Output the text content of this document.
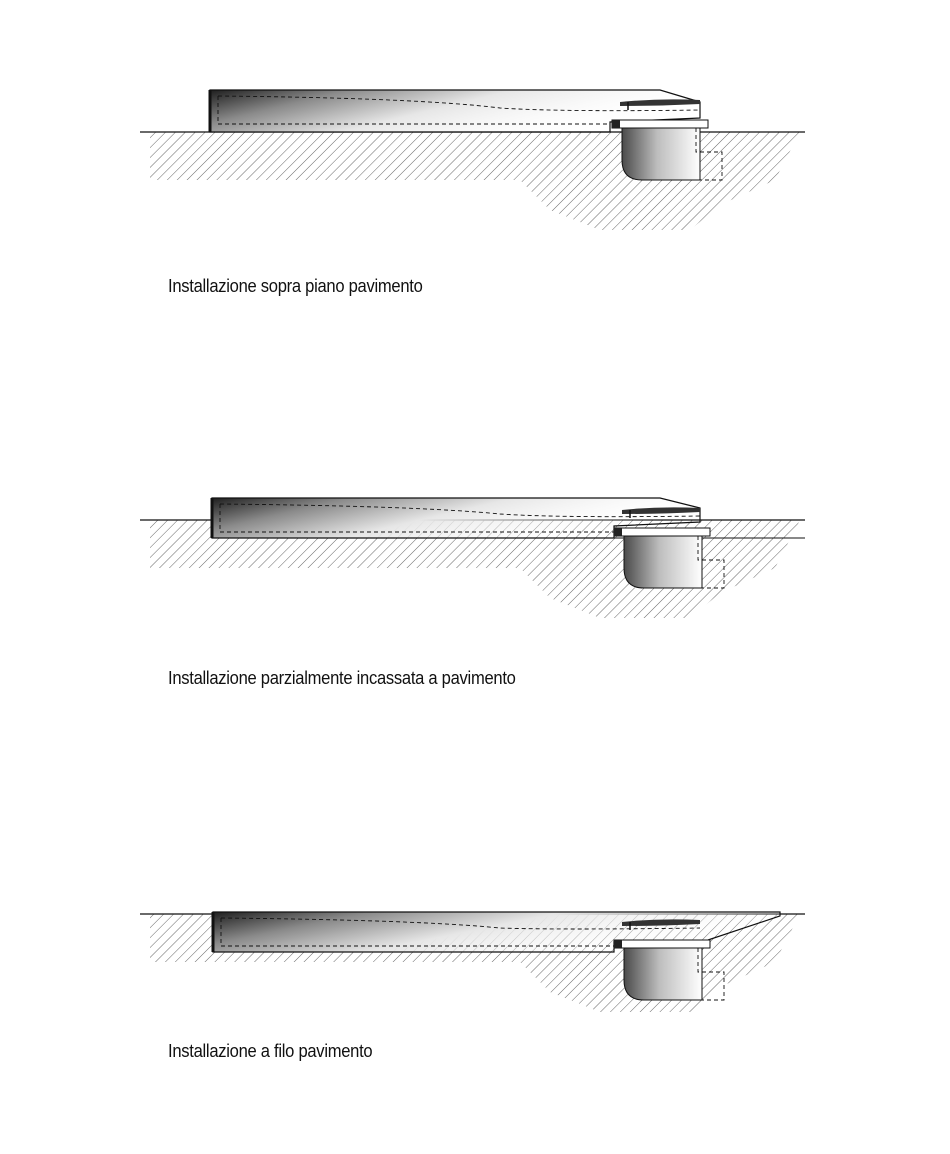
Installazione sopra piano pavimento
Installazione parzialmente incassata a pavimento
Installazione a filo pavimento
